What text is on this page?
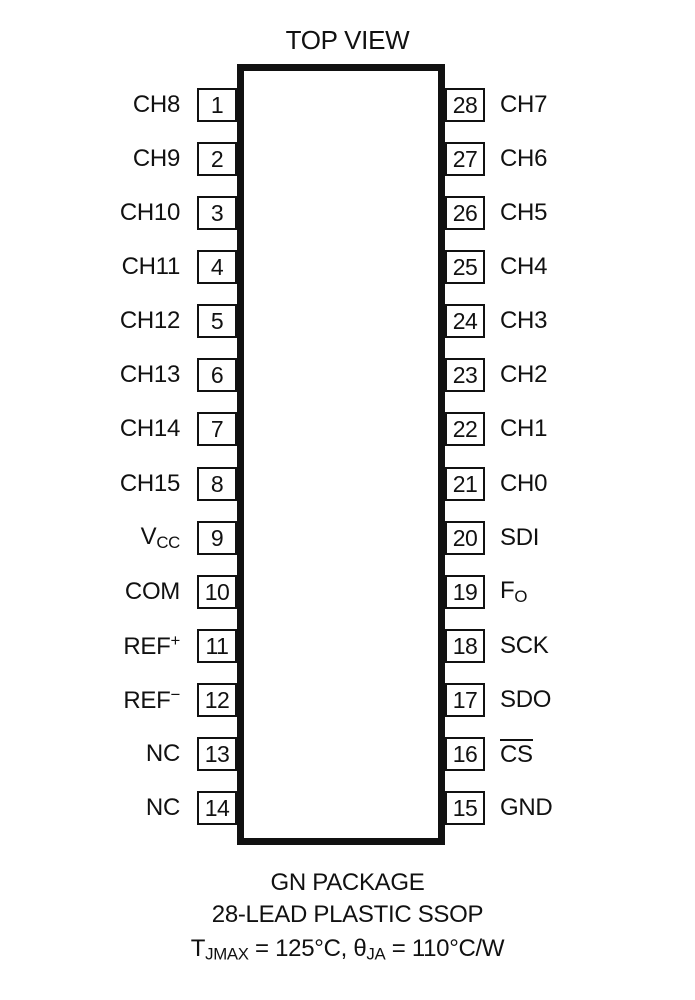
TOP VIEW
CH8 1
CH9 2
CH10 3
CH11 4
CH12 5
CH13 6
CH14 7
CH15 8
VCC 9
COM 10
REF+ 11
REF− 12
NC 13
NC 14
CH7
28
CH6
27
CH5
26
CH4
25
CH3
24
CH2
23
CH1
22
CH0
21
SDI
20
FO
19
SCK
18
SDO
17
CS
16
GND
15
GN PACKAGE
28-LEAD PLASTIC SSOP
TJMAX = 125°C, θJA = 110°C/W
